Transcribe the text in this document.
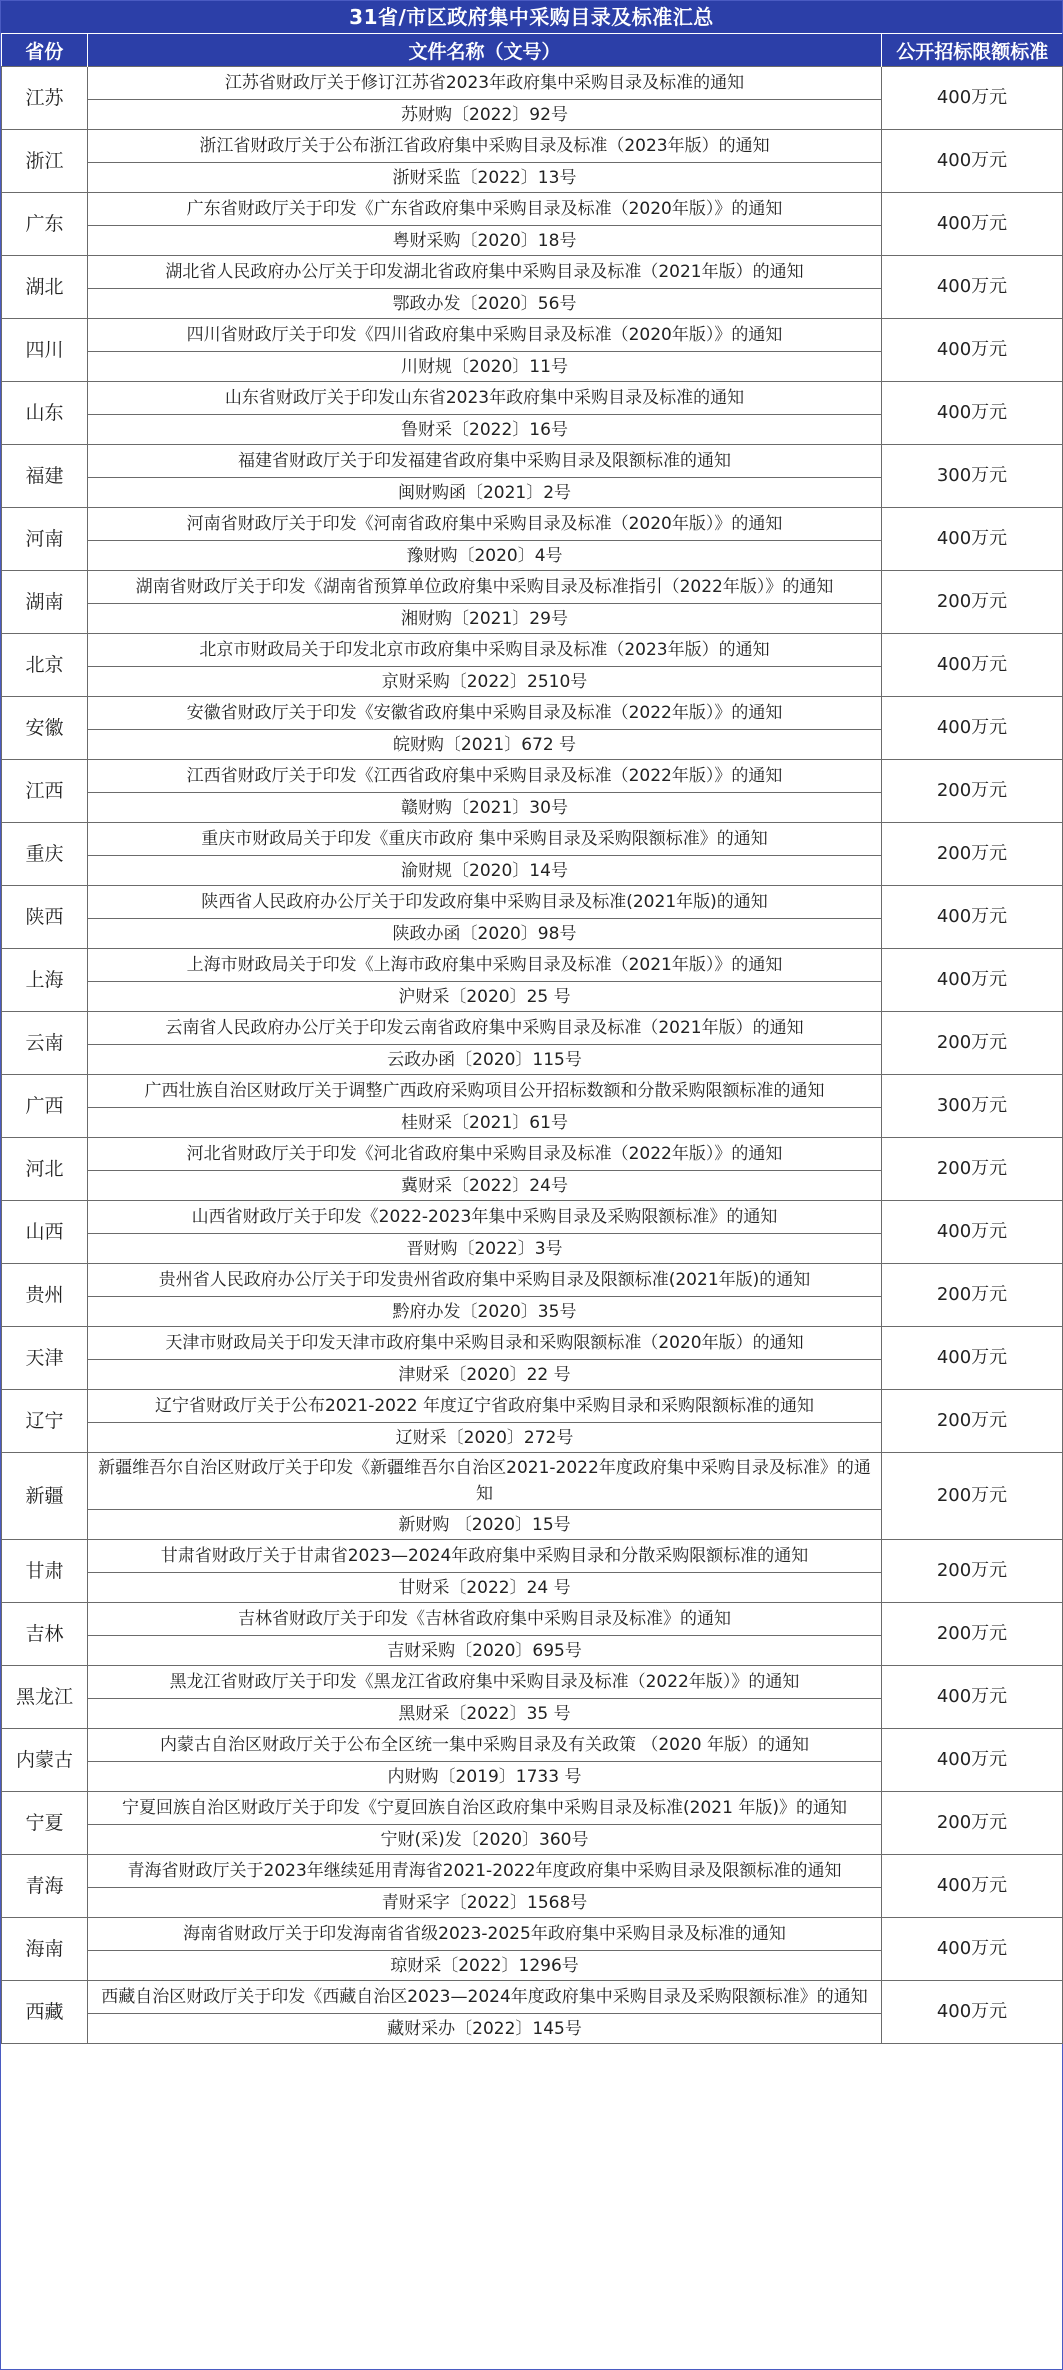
31省/市区政府集中采购目录及标准汇总
省份	文件名称（文号）	公开招标限额标准
江苏	江苏省财政厅关于修订江苏省2023年政府集中采购目录及标准的通知	400万元
	苏财购〔2022〕92号	
浙江	浙江省财政厅关于公布浙江省政府集中采购目录及标准（2023年版）的通知	400万元
	浙财采监〔2022〕13号	
广东	广东省财政厅关于印发《广东省政府集中采购目录及标准（2020年版）》的通知	400万元
	粤财采购〔2020〕18号	
湖北	湖北省人民政府办公厅关于印发湖北省政府集中采购目录及标准（2021年版）的通知	400万元
	鄂政办发〔2020〕56号	
四川	四川省财政厅关于印发《四川省政府集中采购目录及标准（2020年版）》的通知	400万元
	川财规〔2020〕11号	
山东	山东省财政厅关于印发山东省2023年政府集中采购目录及标准的通知	400万元
	鲁财采〔2022〕16号	
福建	福建省财政厅关于印发福建省政府集中采购目录及限额标准的通知	300万元
	闽财购函〔2021〕2号	
河南	河南省财政厅关于印发《河南省政府集中采购目录及标准（2020年版）》的通知	400万元
	豫财购〔2020〕4号	
湖南	湖南省财政厅关于印发《湖南省预算单位政府集中采购目录及标准指引（2022年版）》的通知	200万元
	湘财购〔2021〕29号	
北京	北京市财政局关于印发北京市政府集中采购目录及标准（2023年版）的通知	400万元
	京财采购〔2022〕2510号	
安徽	安徽省财政厅关于印发《安徽省政府集中采购目录及标准（2022年版）》的通知	400万元
	皖财购〔2021〕672 号	
江西	江西省财政厅关于印发《江西省政府集中采购目录及标准（2022年版）》的通知	200万元
	赣财购〔2021〕30号	
重庆	重庆市财政局关于印发《重庆市政府 集中采购目录及采购限额标准》的通知	200万元
	渝财规〔2020〕14号	
陕西	陕西省人民政府办公厅关于印发政府集中采购目录及标准(2021年版)的通知	400万元
	陕政办函〔2020〕98号	
上海	上海市财政局关于印发《上海市政府集中采购目录及标准（2021年版）》的通知	400万元
	沪财采〔2020〕25 号	
云南	云南省人民政府办公厅关于印发云南省政府集中采购目录及标准（2021年版）的通知	200万元
	云政办函〔2020〕115号	
广西	广西壮族自治区财政厅关于调整广西政府采购项目公开招标数额和分散采购限额标准的通知	300万元
	桂财采〔2021〕61号	
河北	河北省财政厅关于印发《河北省政府集中采购目录及标准（2022年版）》的通知	200万元
	冀财采〔2022〕24号	
山西	山西省财政厅关于印发《2022-2023年集中采购目录及采购限额标准》的通知	400万元
	晋财购〔2022〕3号	
贵州	贵州省人民政府办公厅关于印发贵州省政府集中采购目录及限额标准(2021年版)的通知	200万元
	黔府办发〔2020〕35号	
天津	天津市财政局关于印发天津市政府集中采购目录和采购限额标准（2020年版）的通知	400万元
	津财采〔2020〕22 号	
辽宁	辽宁省财政厅关于公布2021-2022 年度辽宁省政府集中采购目录和采购限额标准的通知	200万元
	辽财采〔2020〕272号	
新疆	新疆维吾尔自治区财政厅关于印发《新疆维吾尔自治区2021-2022年度政府集中采购目录及标准》的通知	200万元
	新财购 〔2020〕15号	
甘肃	甘肃省财政厅关于甘肃省2023—2024年政府集中采购目录和分散采购限额标准的通知	200万元
	甘财采〔2022〕24 号	
吉林	吉林省财政厅关于印发《吉林省政府集中采购目录及标准》的通知	200万元
	吉财采购〔2020〕695号	
黑龙江	黑龙江省财政厅关于印发《黑龙江省政府集中采购目录及标准（2022年版）》的通知	400万元
	黑财采〔2022〕35 号	
内蒙古	内蒙古自治区财政厅关于公布全区统一集中采购目录及有关政策 （2020 年版）的通知	400万元
	内财购〔2019〕1733 号	
宁夏	宁夏回族自治区财政厅关于印发《宁夏回族自治区政府集中采购目录及标准(2021 年版)》的通知	200万元
	宁财(采)发〔2020〕360号	
青海	青海省财政厅关于2023年继续延用青海省2021-2022年度政府集中采购目录及限额标准的通知	400万元
	青财采字〔2022〕1568号	
海南	海南省财政厅关于印发海南省省级2023-2025年政府集中采购目录及标准的通知	400万元
	琼财采〔2022〕1296号	
西藏	西藏自治区财政厅关于印发《西藏自治区2023—2024年度政府集中采购目录及采购限额标准》的通知	400万元
	藏财采办〔2022〕145号	
